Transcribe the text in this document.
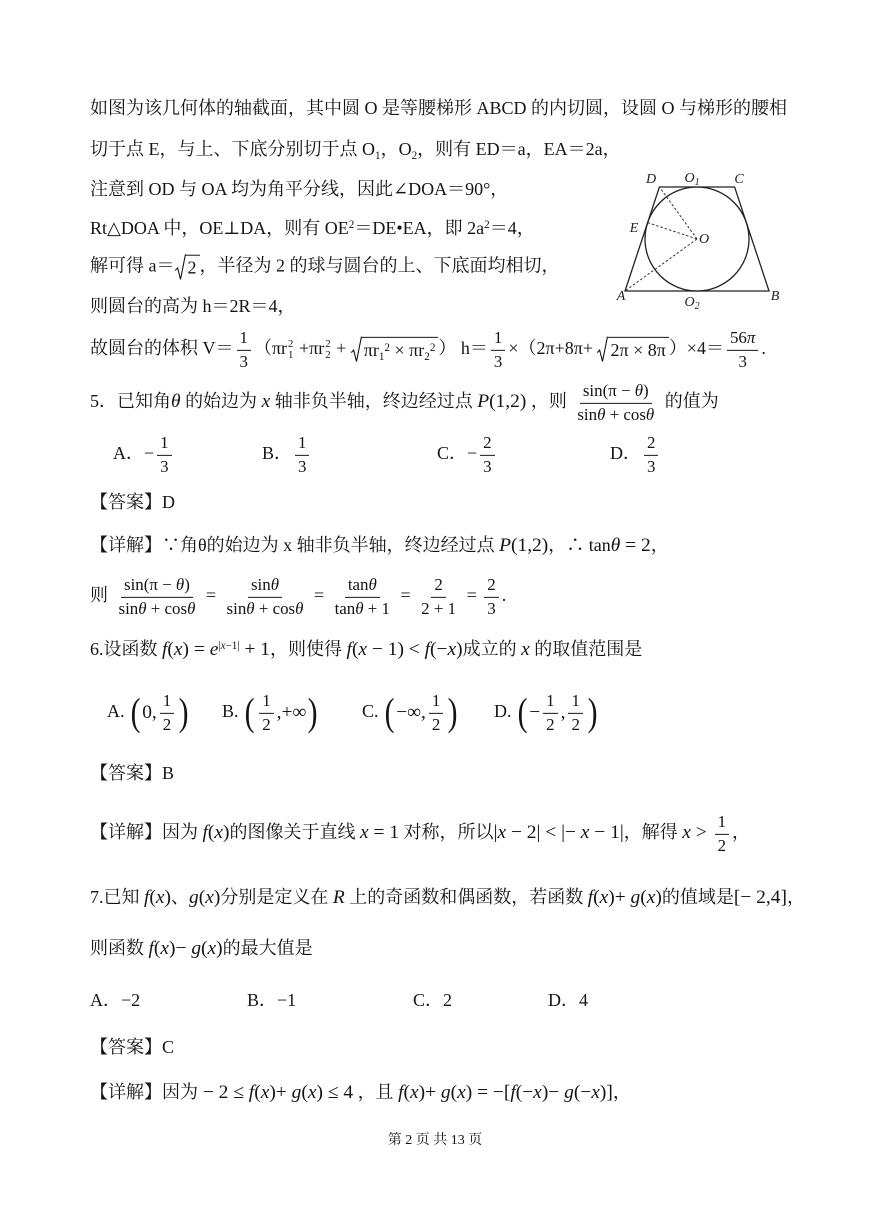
D $O_1$ C
E
O
A	$O_2$
B
第 2 页 共 13 页
如图为该几何体的轴截面，其中圆 O 是等腰梯形 ABCD 的内切圆，设圆 O 与梯形的腰相
切于点 E，与上、下底分别切于点 O1，O2，则有 ED＝a，EA＝2a，
注意到 OD 与 OA 均为角平分线，因此∠DOA＝90°，
Rt△DOA 中，OE⊥DA，则有 $OE^2=DE•EA$，即 $2a^2=4$，
解可得 a＝ 2 ，半径为 2 的球与圆台的上、下底面均相切，
则圆台的高为 h＝2R＝4，
故圆台的体积 $V= \frac{1}{3} (\pi r$ 2
1 +πr 2
$2 + \pi r1^2 \times \pi r2^2$ ） $h= \frac{1}{3} \times(2\pi+8\pi+ 2\pi \times 8\pi$ ）$\times 4= \frac{56\pi}{3}$ .
5．已知角θ 的始边为 x 轴非负半轴，终边经过点 P(1,2) ，则 $\frac{\sin(\pi - \theta)}{\sin\theta + \cos\theta}$ 的值为
A．− $\frac{1}{3}$	B． $\frac{1}{3}$	C．− $\frac{2}{3}$	D． $\frac{2}{3}$
【答案】D
【详解】∵角θ的始边为 x 轴非负半轴，终边经过点 P(1,2)，∴ tanθ = 2，
则 $\frac{\sin(\pi - \theta)}{\sin\theta + \cos\theta} = \frac{\sin\theta}{\sin\theta + \cos\theta} = \frac{\tan\theta}{\tan\theta + 1} = \frac{2}{2 + 1} = \frac{2}{3}$ .
6.设函数 $f(x) = e^{|x-1|} + 1$，则使得 f(x − 1) < f(−x)成立的 x 的取值范围是
A. ( 0, $\frac{1}{2}$ ) B. ( $\frac{1}{2}$ ,+∞ ) C. ( −∞, $\frac{1}{2}$ ) D. ( − $\frac{1}{2}$ , $\frac{1}{2}$ )
【答案】B
【详解】因为 f(x)的图像关于直线 x = 1 对称，所以|x − 2| < |− x − 1|，解得 $x > \frac{1}{2}$ ，
7.已知 f(x)、g(x)分别是定义在 R 上的奇函数和偶函数，若函数 f(x)+ g(x)的值域是[− 2,4]，
则函数 f(x)− g(x)的最大值是
A．−2	B．−1	C．2	D．4
【答案】C
【详解】因为 − 2 ≤ f(x)+ g(x) ≤ 4 ，且 f(x)+ g(x) = −[f(−x)− g(−x)]，
